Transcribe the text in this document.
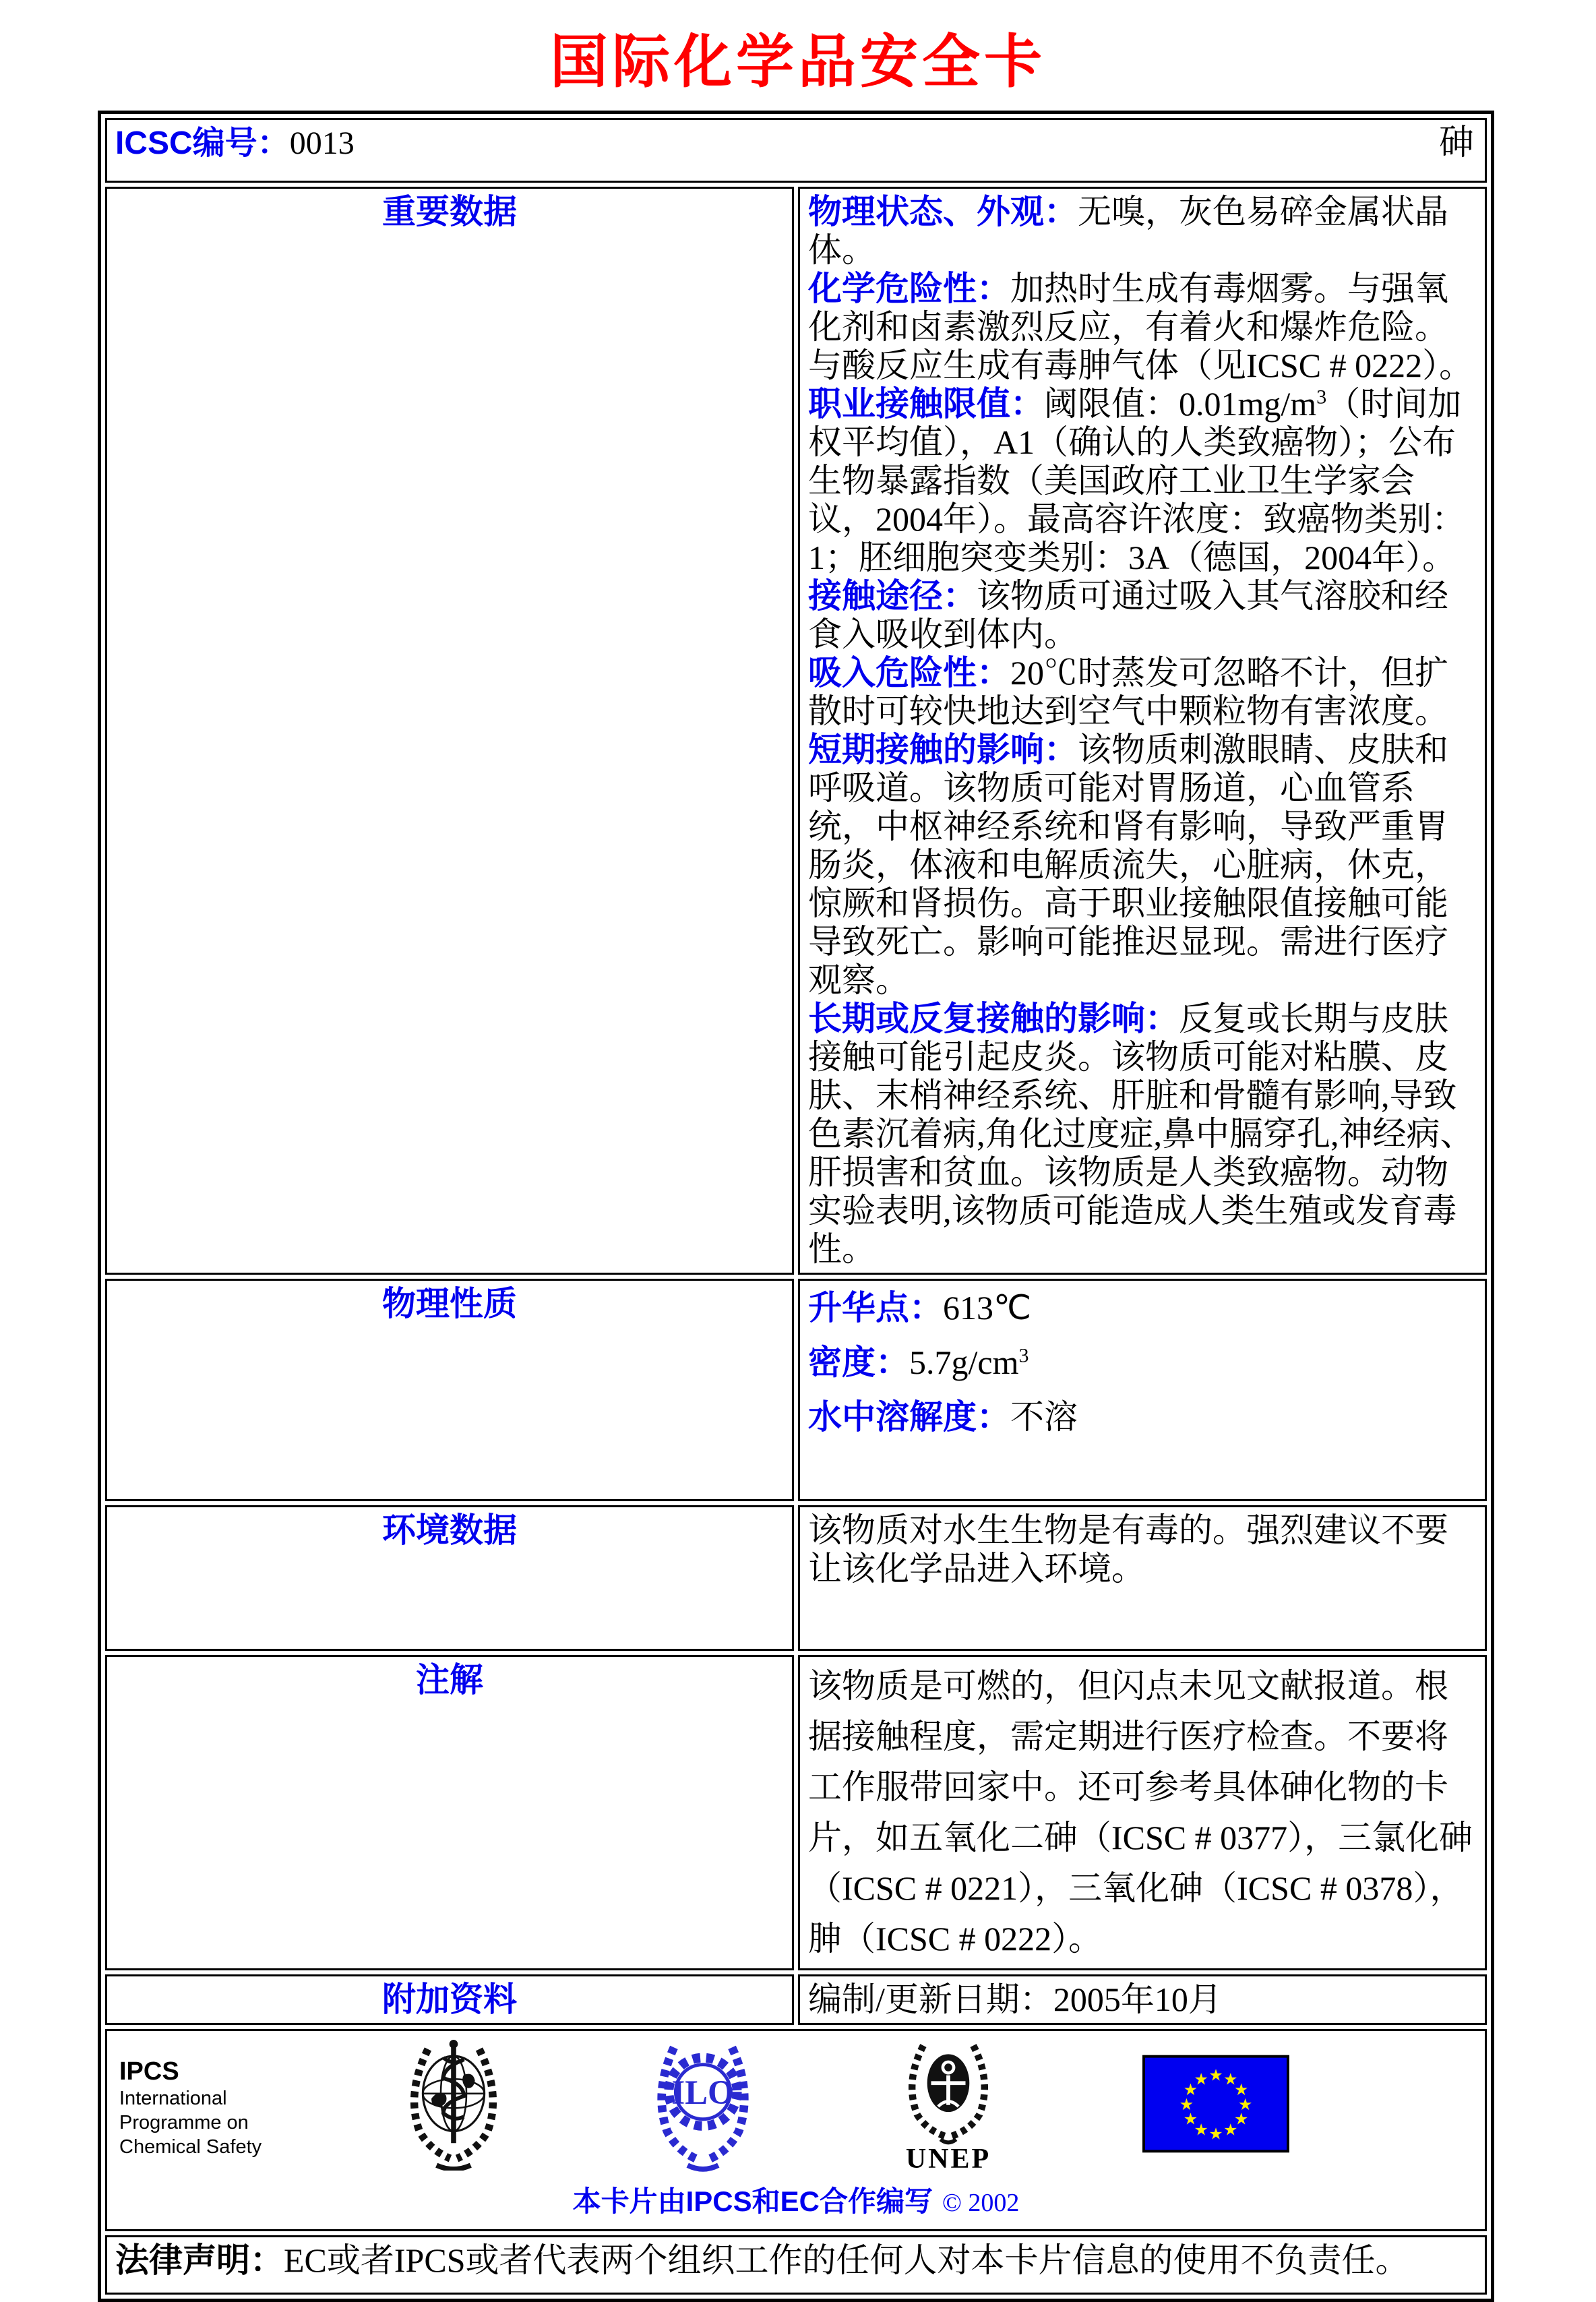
国际化学品安全卡
ICSC编号：0013 砷	

重要数据	物理状态、外观：无嗅，灰色易碎金属状晶体。

化学危险性：加热时生成有毒烟雾。与强氧化剂和卤素激烈反应，有着火和爆炸危险。与酸反应生成有毒胂气体（见ICSC # 0222）。

职业接触限值：阈限值：$0.01mg/m^3$（时间加权平均值），A1（确认的人类致癌物）；公布生物暴露指数（美国政府工业卫生学家会议，2004年）。最高容许浓度：致癌物类别：1；胚细胞突变类别：3A（德国，2004年）。

接触途径：该物质可通过吸入其气溶胶和经食入吸收到体内。

吸入危险性：20℃时蒸发可忽略不计，但扩散时可较快地达到空气中颗粒物有害浓度。

短期接触的影响：该物质刺激眼睛、皮肤和呼吸道。该物质可能对胃肠道，心血管系统，中枢神经系统和肾有影响，导致严重胃肠炎，体液和电解质流失，心脏病，休克，惊厥和肾损伤。高于职业接触限值接触可能导致死亡。影响可能推迟显现。需进行医疗观察。

长期或反复接触的影响：反复或长期与皮肤接触可能引起皮炎。该物质可能对粘膜、皮肤、末梢神经系统、肝脏和骨髓有影响,导致色素沉着病,角化过度症,鼻中膈穿孔,神经病、肝损害和贫血。该物质是人类致癌物。动物实验表明,该物质可能造成人类生殖或发育毒性。

物理性质	升华点：613℃

密度：$5.7g/cm^3$

水中溶解度：不溶

环境数据	该物质对水生生物是有毒的。强烈建议不要让该化学品进入环境。
注解	该物质是可燃的，但闪点未见文献报道。根据接触程度，需定期进行医疗检查。不要将工作服带回家中。还可参考具体砷化物的卡片，如五氧化二砷（ICSC # 0377），三氯化砷（ICSC # 0221），三氧化砷（ICSC # 0378），胂（ICSC # 0222）。

附加资料	编制/更新日期：2005年10月

IPCS
International
Programme on
Chemical Safety
ILO
UNEP
★ ★
★
★
★
★
★
★
★
★
★
★
本卡片由IPCS和EC合作编写 © 2002

法律声明：EC或者IPCS或者代表两个组织工作的任何人对本卡片信息的使用不负责任。	
